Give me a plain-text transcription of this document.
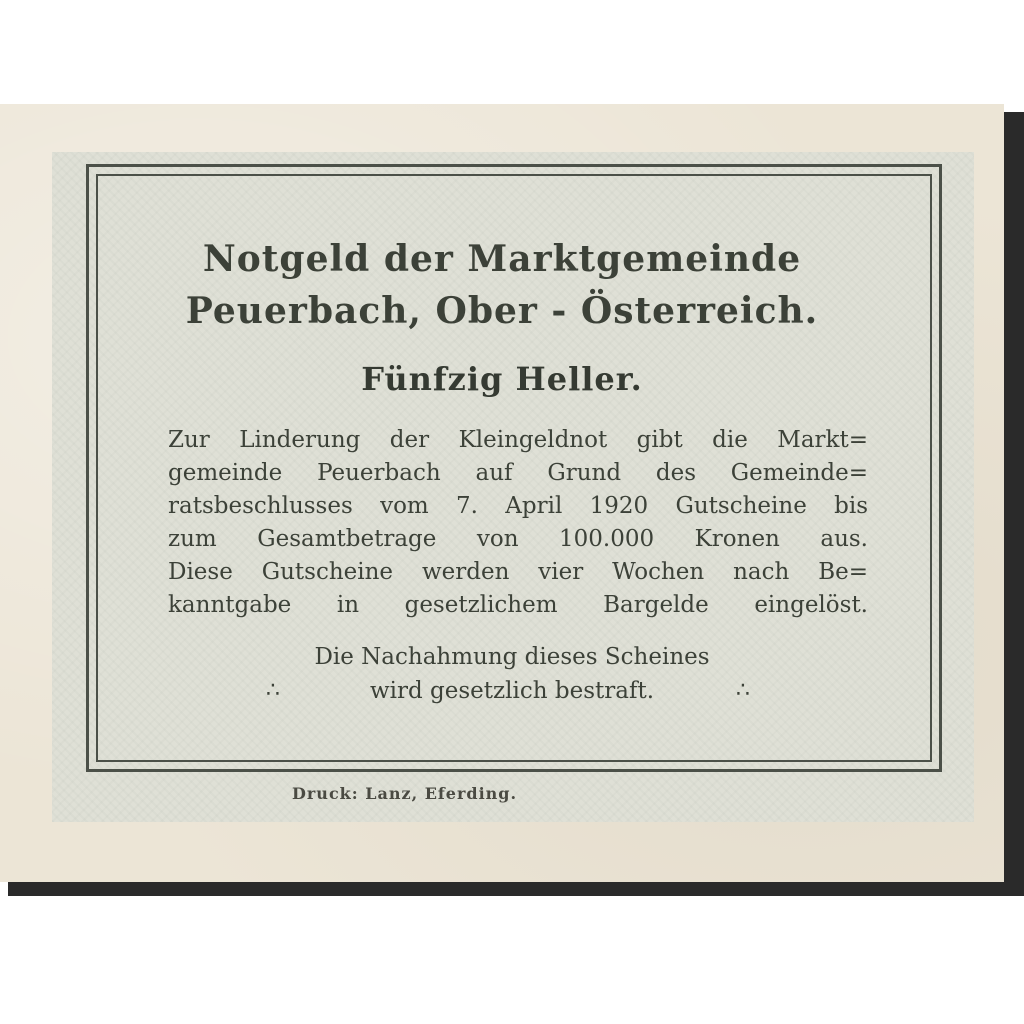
Notgeld der Marktgemeinde
Peuerbach, Ober - Österreich.
Fünfzig Heller.
Zur Linderung der Kleingeldnot gibt die Markt=
gemeinde Peuerbach auf Grund des Gemeinde=
ratsbeschlusses vom 7. April 1920 Gutscheine bis
zum Gesamtbetrage von 100.000 Kronen aus.
Diese Gutscheine werden vier Wochen nach Be=
kanntgabe in gesetzlichem Bargelde eingelöst.
Die Nachahmung dieses Scheines
wird gesetzlich bestraft.
∴	∴
Druck: Lanz, Eferding.
